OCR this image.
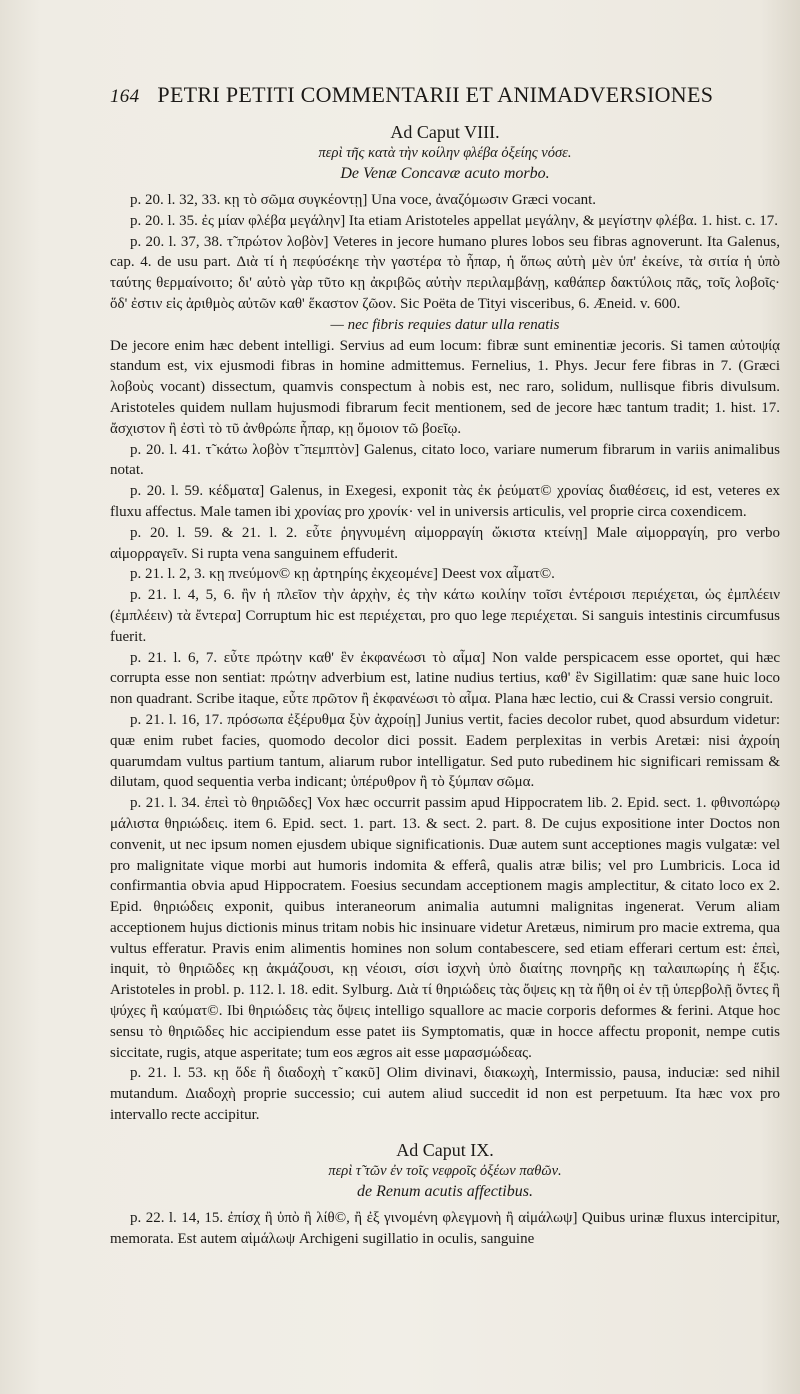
164 PETRI PETITI COMMENTARII ET ANIMADVERSIONES
Ad Caput VIII.
περὶ τῆς κατὰ τὴν κοίλην φλέβα ὀξείης νόσε.
De Venæ Concavæ acuto morbo.

p. 20. l. 32, 33. κῃ τὸ σῶμα συγκέοντῃ] Una voce, ἀναζόμωσιν Græci vocant.

p. 20. l. 35. ἐς μίαν φλέβα μεγάλην] Ita etiam Aristoteles appellat μεγάλην, & μεγίστην φλέβα. 1. hist. c. 17.

p. 20. l. 37, 38. τ̃ πρώτον λοβὸν] Veteres in jecore humano plures lobos seu fibras agnoverunt. Ita Galenus, cap. 4. de usu part. Διὰ τί ἡ πεφύσέκηε τὴν γαστέρα τὸ ἧπαρ, ἡ ὅπως αὐτὴ μὲν ὑπ' ἐκείνε, τὰ σιτία ἡ ὑπὸ ταύτης θερμαίνοιτο; δι' αὐτὸ γὰρ τῦτο κῃ ἀκριβῶς αὐτὴν περιλαμβάνῃ, καθάπερ δακτύλοις πᾶς, τοῖς λοβοῖς· ὅδ' ἐστιν εἰς ἀριθμὸς αὐτῶν καθ' ἕκαστον ζῶον. Sic Poëta de Tityi visceribus, 6. Æneid. v. 600.

— nec fibris requies datur ulla renatis

De jecore enim hæc debent intelligi. Servius ad eum locum: fibræ sunt eminentiæ jecoris. Si tamen αὐτοψίᾳ standum est, vix ejusmodi fibras in homine admittemus. Fernelius, 1. Phys. Jecur fere fibras in 7. (Græci λοβοὺς vocant) dissectum, quamvis conspectum à nobis est, nec raro, solidum, nullisque fibris divulsum. Aristoteles quidem nullam hujusmodi fibrarum fecit mentionem, sed de jecore hæc tantum tradit; 1. hist. 17. ἄσχιστον ἢ ἐστὶ τὸ τῦ ἀνθρώπε ἧπαρ, κῃ ὅμοιον τῶ βοεῖῳ.

p. 20. l. 41. τ̃ κάτω λοβὸν τ̃ πεμπτὸν] Galenus, citato loco, variare numerum fibrarum in variis animalibus notat.

p. 20. l. 59. κέδματα] Galenus, in Exegesi, exponit τὰς ἐκ ῥεύματ© χρονίας διαθέσεις, id est, veteres ex fluxu affectus. Male tamen ibi χρονίας pro χρονίκ· vel in universis articulis, vel proprie circa coxendicem.

p. 20. l. 59. & 21. l. 2. εὖτε ῥηγνυμένη αἱμορραγίη ὤκιστα κτείνῃ] Male αἱμορραγίη, pro verbo αἱμορραγεῖν. Si rupta vena sanguinem effuderit.

p. 21. l. 2, 3. κῃ πνεύμον© κῃ ἀρτηρίης ἐκχεομένε] Deest vox αἷματ©.

p. 21. l. 4, 5, 6. ἢν ἡ πλεῖον τὴν ἀρχὴν, ἐς τὴν κάτω κοιλίην τοῖσι ἐντέροισι περιέχεται, ὡς ἐμπλέειν (ἐμπλέειν) τὰ ἔντερα] Corruptum hic est περιέχεται, pro quo lege περιέχεται. Si sanguis intestinis circumfusus fuerit.

p. 21. l. 6, 7. εὖτε πρώτην καθ' ἓν ἐκφανέωσι τὸ αἷμα] Non valde perspicacem esse oportet, qui hæc corrupta esse non sentiat: πρώτην adverbium est, latine nudius tertius, καθ' ἓν Sigillatim: quæ sane huic loco non quadrant. Scribe itaque, εὖτε πρῶτον ἢ ἐκφανέωσι τὸ αἷμα. Plana hæc lectio, cui & Crassi versio congruit.

p. 21. l. 16, 17. πρόσωπα ἐξέρυθμα ξὺν ἀχροίῃ] Junius vertit, facies decolor rubet, quod absurdum videtur: quæ enim rubet facies, quomodo decolor dici possit. Eadem perplexitas in verbis Aretæi: nisi ἀχροίη quarumdam vultus partium tantum, aliarum rubor intelligatur. Sed puto rubedinem hic significari remissam & dilutam, quod sequentia verba indicant; ὑπέρυθρον ἢ τὸ ξύμπαν σῶμα.

p. 21. l. 34. ἐπεὶ τὸ θηριῶδες] Vox hæc occurrit passim apud Hippocratem lib. 2. Epid. sect. 1. φθινοπώρῳ μάλιστα θηριώδεις. item 6. Epid. sect. 1. part. 13. & sect. 2. part. 8. De cujus expositione inter Doctos non convenit, ut nec ipsum nomen ejusdem ubique significationis. Duæ autem sunt acceptiones magis vulgatæ: vel pro malignitate vique morbi aut humoris indomita & efferâ, qualis atræ bilis; vel pro Lumbricis. Loca id confirmantia obvia apud Hippocratem. Foesius secundam acceptionem magis amplectitur, & citato loco ex 2. Epid. θηριώδεις exponit, quibus interaneorum animalia autumni malignitas ingenerat. Verum aliam acceptionem hujus dictionis minus tritam nobis hic insinuare videtur Aretæus, nimirum pro macie extrema, qua vultus efferatur. Pravis enim alimentis homines non solum contabescere, sed etiam efferari certum est: ἐπεὶ, inquit, τὸ θηριῶδες κῃ ἀκμάζουσι, κῃ νέοισι, σίσι ἰσχνὴ ὑπὸ διαίτης πονηρῆς κῃ ταλαιπωρίης ἡ ἕξις. Aristoteles in probl. p. 112. l. 18. edit. Sylburg. Διὰ τί θηριώδεις τὰς ὄψεις κῃ τὰ ἤθη οἱ ἐν τῇ ὑπερβολῇ ὄντες ἢ ψύχες ἢ καύματ©. Ibi θηριώδεις τὰς ὄψεις intelligo squallore ac macie corporis deformes & ferini. Atque hoc sensu τὸ θηριῶδες hic accipiendum esse patet iis Symptomatis, quæ in hocce affectu proponit, nempe cutis siccitate, rugis, atque asperitate; tum eos ægros ait esse μαρασμώδεας.

p. 21. l. 53. κῃ ὅδε ἢ διαδοχὴ τ̃ κακῦ] Olim divinavi, διακωχὴ, Intermissio, pausa, induciæ: sed nihil mutandum. Διαδοχὴ proprie successio; cui autem aliud succedit id non est perpetuum. Ita hæc vox pro intervallo recte accipitur.

Ad Caput IX.
περὶ τ̃ τῶν ἐν τοῖς νεφροῖς ὀξέων παθῶν.
de Renum acutis affectibus.

p. 22. l. 14, 15. ἐπίσχ ἢ ὑπὸ ἢ λίθ©, ἢ ἐξ γινομένη φλεγμονὴ ἢ αἱμάλωψ] Quibus urinæ fluxus intercipitur, memorata. Est autem αἱμάλωψ Archigeni sugillatio in oculis, sanguine
